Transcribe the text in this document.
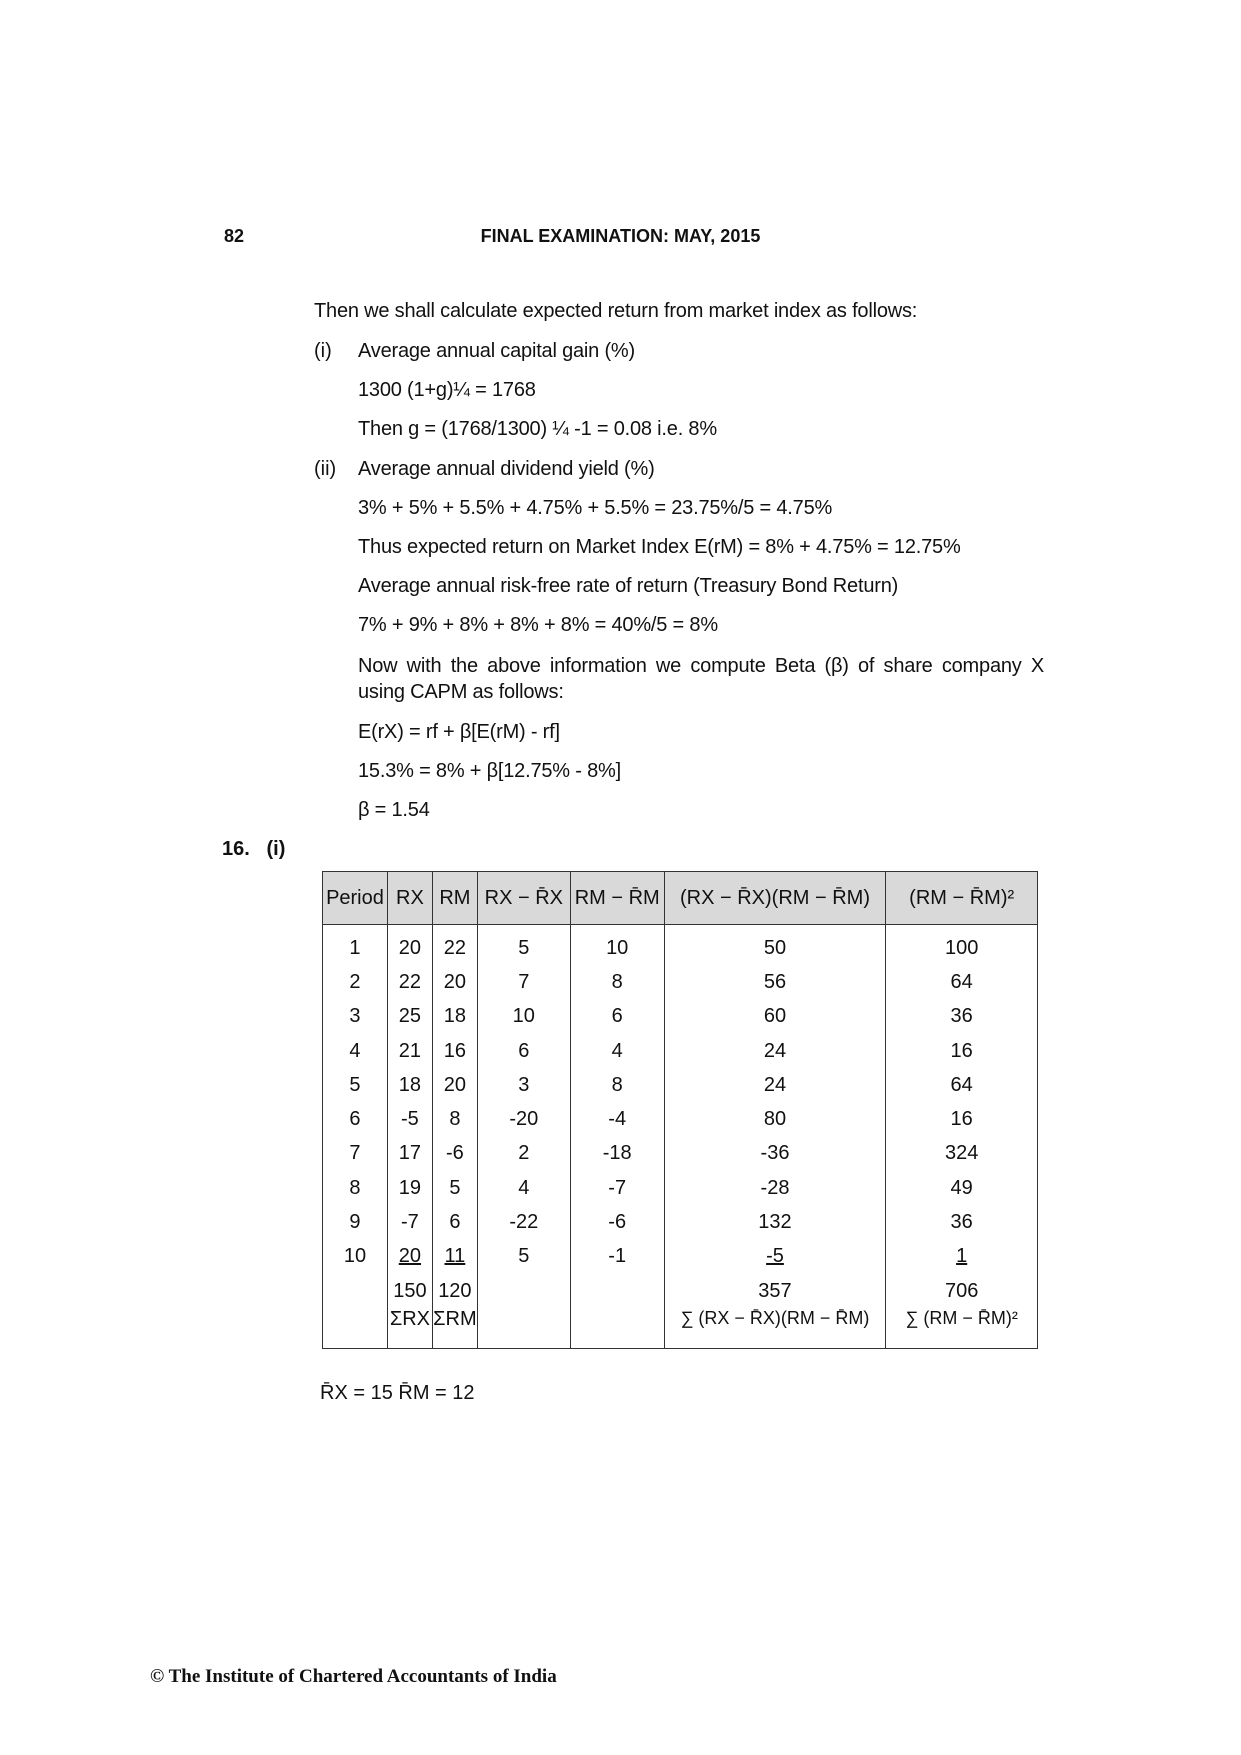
82	FINAL EXAMINATION: MAY, 2015
Then we shall calculate expected return from market index as follows:
(i) Average annual capital gain (%)
1300 (1+g)¼ = 1768
Then g = (1768/1300) ¼ -1 = 0.08 i.e. 8%
(ii) Average annual dividend yield (%)
3% + 5% + 5.5% + 4.75% + 5.5% = 23.75%/5 = 4.75%
Thus expected return on Market Index E(rM) = 8% + 4.75% = 12.75%
Average annual risk-free rate of return (Treasury Bond Return)
7% + 9% + 8% + 8% + 8% = 40%/5 = 8%
Now with the above information we compute Beta (β) of share company X using CAPM as follows:
E(rX) = rf + β[E(rM) - rf]
15.3% = 8% + β[12.75% - 8%]
β = 1.54
16. (i)
Period	RX	RM	RX − R̄X	RM − R̄M	(RX − R̄X)(RM − R̄M)	(RM − R̄M)²
1	20	22	5	10	50	100
2	22	20	7	8	56	64
3	25	18	10	6	60	36
4	21	16	6	4	24	16
5	18	20	3	8	24	64
6	-5	8	-20	-4	80	16
7	17	-6	2	-18	-36	324
8	19	5	4	-7	-28	49
9	-7	6	-22	-6	132	36
10	20	11	5	-1	-5	1
	150	120			357	706
	ΣRX	ΣRM			∑ (RX − R̄X)(RM − R̄M)	∑ (RM − R̄M)²
R̄X = 15 R̄M = 12
© The Institute of Chartered Accountants of India
